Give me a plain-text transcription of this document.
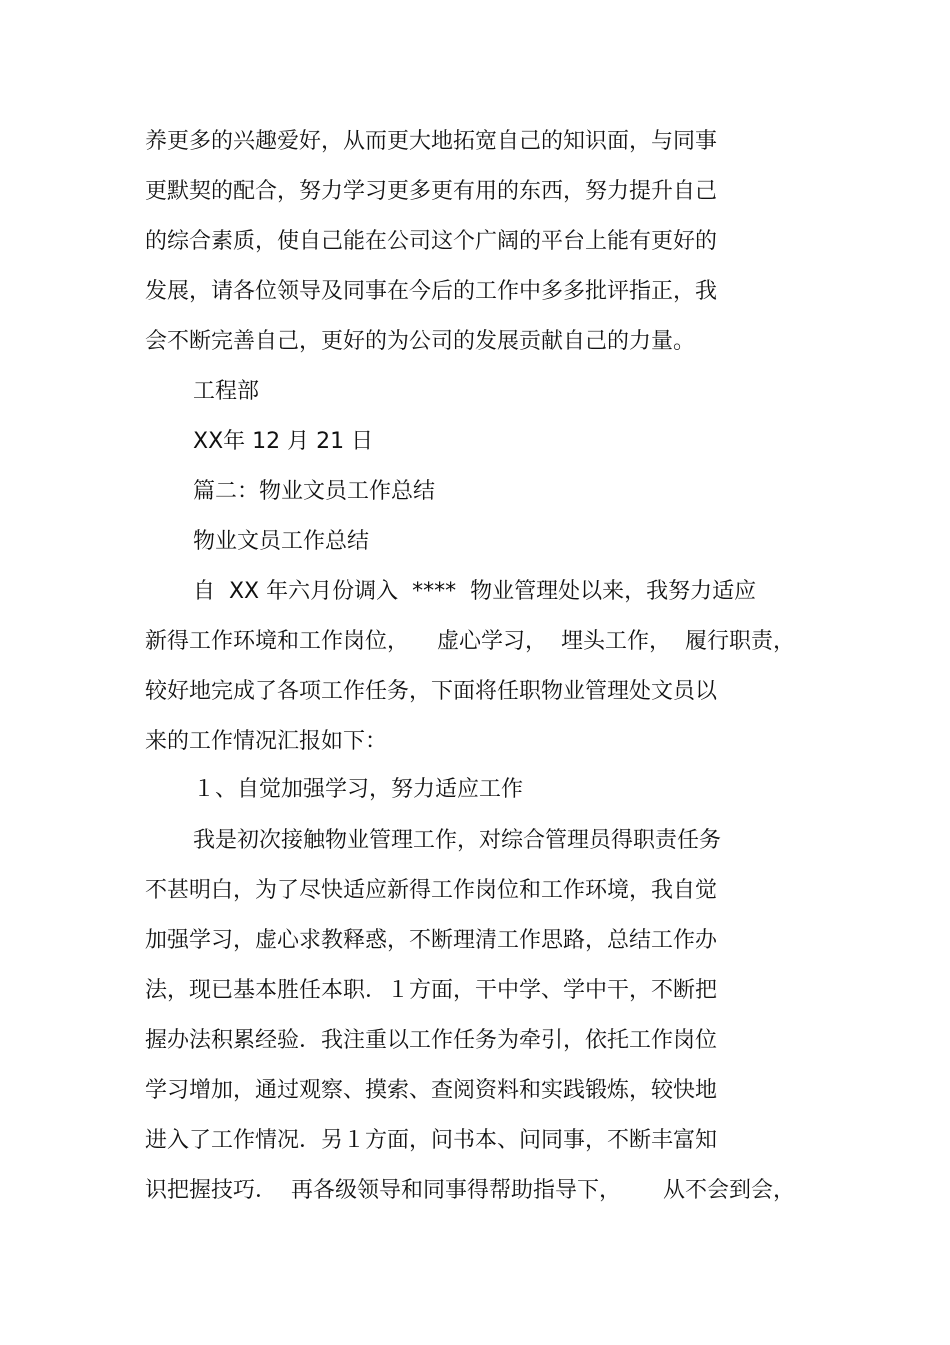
养更多的兴趣爱好，从而更大地拓宽自己的知识面，与同事
更默契的配合，努力学习更多更有用的东西，努力提升自己
的综合素质，使自己能在公司这个广阔的平台上能有更好的
发展，请各位领导及同事在今后的工作中多多批评指正，我
会不断完善自己，更好的为公司的发展贡献自己的力量。
工程部
XX年 12 月 21 日
篇二：物业文员工作总结
物业文员工作总结
自  XX 年六月份调入  ****  物业管理处以来，我努力适应
新得工作环境和工作岗位，    虚心学习，  埋头工作，  履行职责，
较好地完成了各项工作任务，下面将任职物业管理处文员以
来的工作情况汇报如下：
１、自觉加强学习，努力适应工作
我是初次接触物业管理工作，对综合管理员得职责任务
不甚明白，为了尽快适应新得工作岗位和工作环境，我自觉
加强学习，虚心求教释惑，不断理清工作思路，总结工作办
法，现已基本胜任本职．１方面，干中学、学中干，不断把
握办法积累经验．我注重以工作任务为牵引，依托工作岗位
学习增加，通过观察、摸索、查阅资料和实践锻炼，较快地
进入了工作情况．另１方面，问书本、问同事，不断丰富知
识把握技巧．  再各级领导和同事得帮助指导下，      从不会到会，
